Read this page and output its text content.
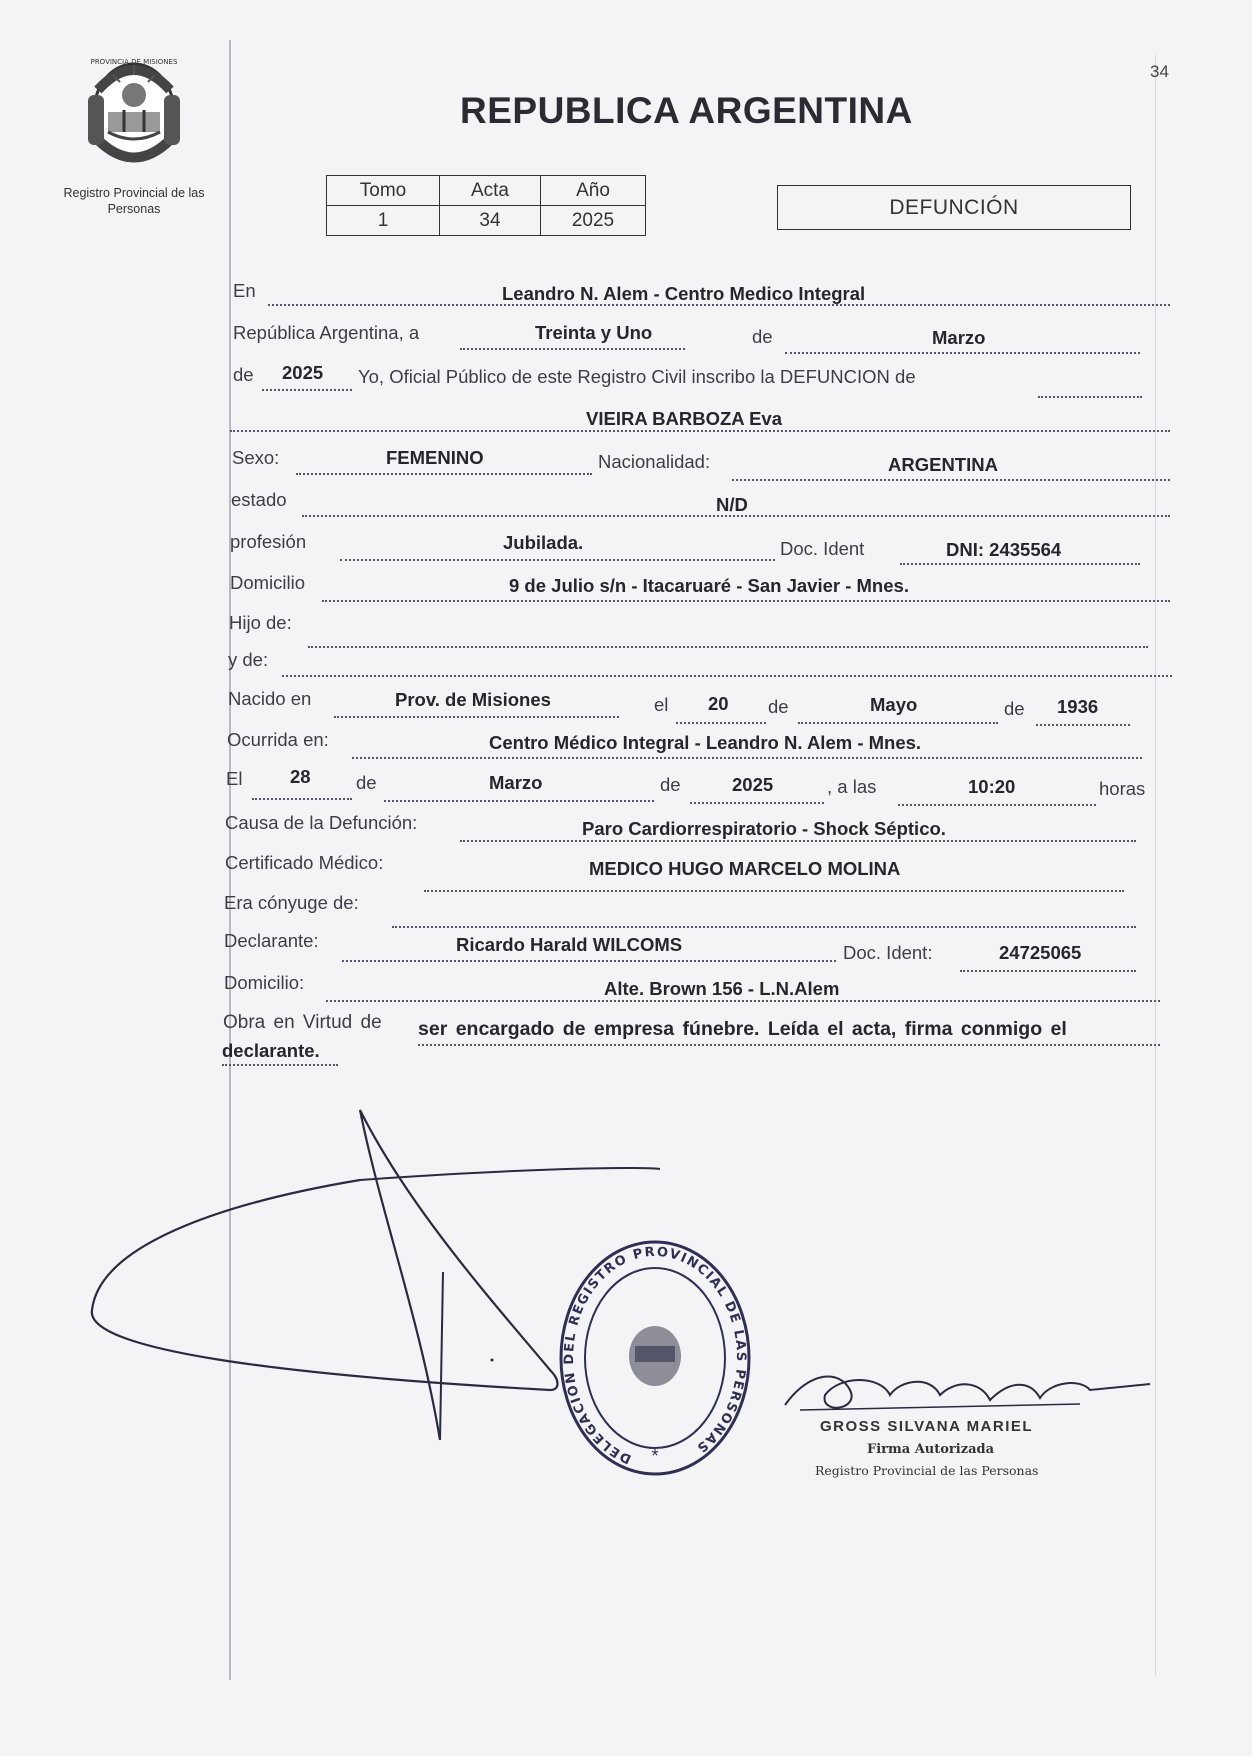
34
PROVINCIA DE MISIONES
Registro Provincial de las Personas
REPUBLICA ARGENTINA
Tomo	Acta	Año
1	34	2025
DEFUNCIÓN
En	Leandro N. Alem - Centro Medico Integral
República Argentina, a	Treinta y Uno	de	Marzo
de 2025 Yo, Oficial Público de este Registro Civil inscribo la DEFUNCION de
VIEIRA BARBOZA Eva
Sexo:	FEMENINO	Nacionalidad:	ARGENTINA
estado	N/D
profesión	Jubilada.	Doc. Ident	DNI: 2435564
Domicilio	9 de Julio s/n - Itacaruaré - San Javier - Mnes.
Hijo de:
y de:
Nacido en	Prov. de Misiones	el 20 de	Mayo	de 1936
Ocurrida en:	Centro Médico Integral - Leandro N. Alem - Mnes.
El	28 de	Marzo	de	2025	, a las	10:20	horas
Causa de la Defunción:	Paro Cardiorrespiratorio - Shock Séptico.
Certificado Médico:	MEDICO HUGO MARCELO MOLINA
Era cónyuge de:
Declarante:	Ricardo Harald WILCOMS	Doc. Ident:	24725065
Domicilio:	Alte. Brown 156 - L.N.Alem
Obra en Virtud de ser encargado de empresa fúnebre. Leída el acta, firma conmigo el
declarante.
DELEGACION DEL REGISTRO PROVINCIAL DE LAS PERSONAS
*
GROSS SILVANA MARIEL
Firma Autorizada
Registro Provincial de las Personas
